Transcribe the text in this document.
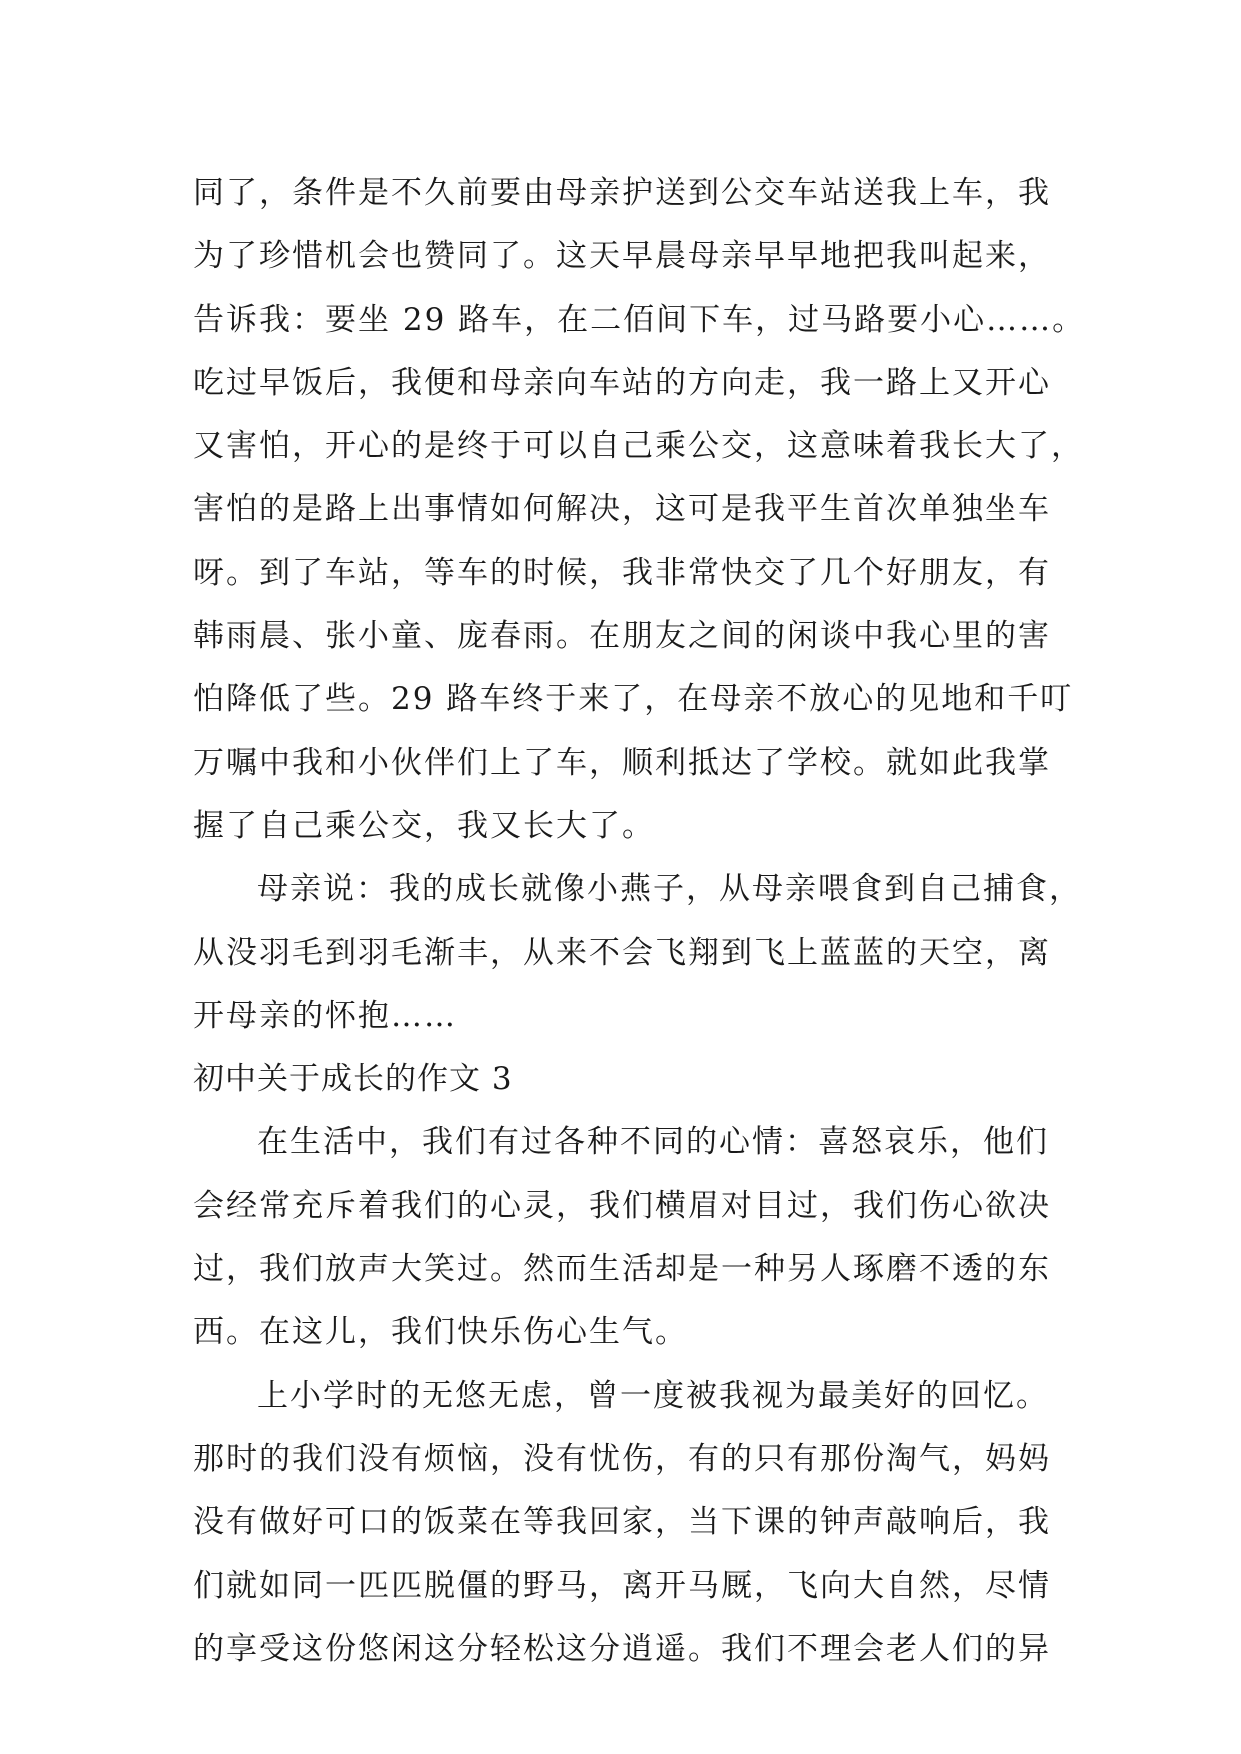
同了，条件是不久前要由母亲护送到公交车站送我上车，我
为了珍惜机会也赞同了。这天早晨母亲早早地把我叫起来，
告诉我：要坐 29 路车，在二佰间下车，过马路要小心……。
吃过早饭后，我便和母亲向车站的方向走，我一路上又开心
又害怕，开心的是终于可以自己乘公交，这意味着我长大了，
害怕的是路上出事情如何解决，这可是我平生首次单独坐车
呀。到了车站，等车的时候，我非常快交了几个好朋友，有
韩雨晨、张小童、庞春雨。在朋友之间的闲谈中我心里的害
怕降低了些。29 路车终于来了，在母亲不放心的见地和千叮
万嘱中我和小伙伴们上了车，顺利抵达了学校。就如此我掌
握了自己乘公交，我又长大了。
母亲说：我的成长就像小燕子，从母亲喂食到自己捕食，
从没羽毛到羽毛渐丰，从来不会飞翔到飞上蓝蓝的天空，离
开母亲的怀抱……
初中关于成长的作文 3
在生活中，我们有过各种不同的心情：喜怒哀乐，他们
会经常充斥着我们的心灵，我们横眉对目过，我们伤心欲决
过，我们放声大笑过。然而生活却是一种另人琢磨不透的东
西。在这儿，我们快乐伤心生气。
上小学时的无悠无虑，曾一度被我视为最美好的回忆。
那时的我们没有烦恼，没有忧伤，有的只有那份淘气，妈妈
没有做好可口的饭菜在等我回家，当下课的钟声敲响后，我
们就如同一匹匹脱僵的野马，离开马厩，飞向大自然，尽情
的享受这份悠闲这分轻松这分逍遥。我们不理会老人们的异
